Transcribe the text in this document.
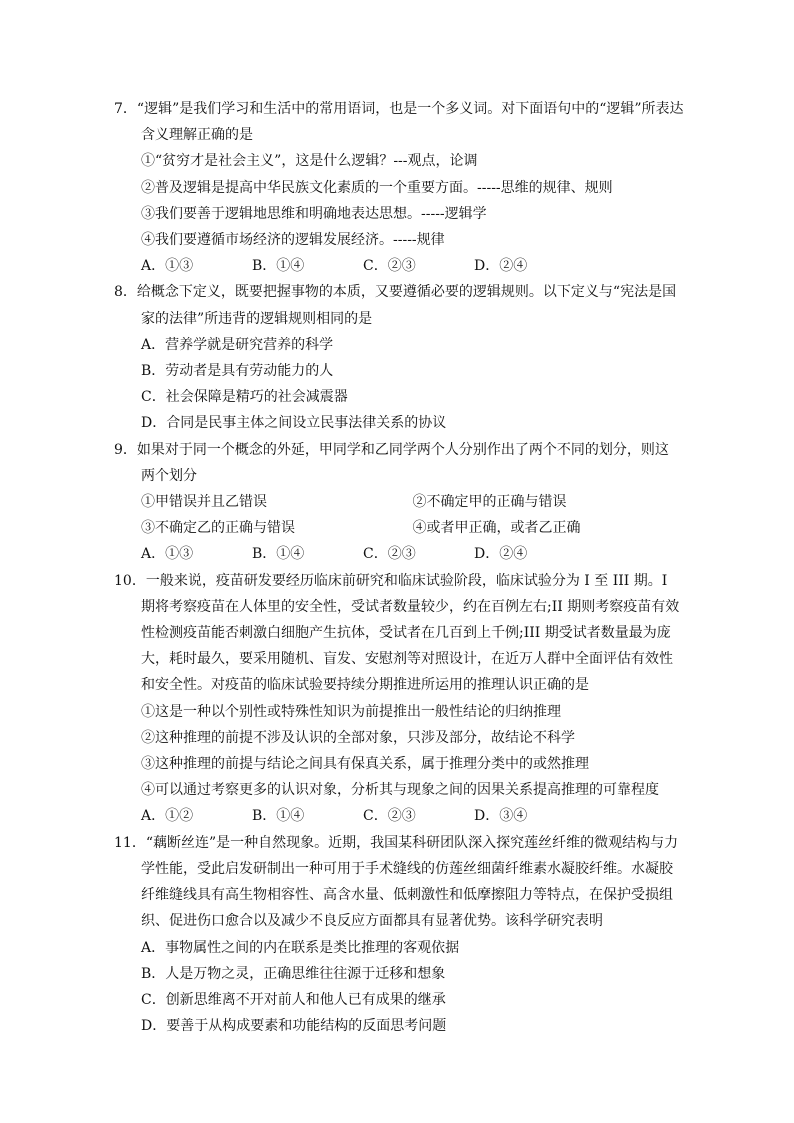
7．“逻辑”是我们学习和生活中的常用语词，也是一个多义词。对下面语句中的“逻辑”所表达
含义理解正确的是
①“贫穷才是社会主义”，这是什么逻辑？---观点，论调
②普及逻辑是提高中华民族文化素质的一个重要方面。-----思维的规律、规则
③我们要善于逻辑地思维和明确地表达思想。-----逻辑学
④我们要遵循市场经济的逻辑发展经济。-----规律
A．①③	B．①④	C．②③	D．②④
8．给概念下定义，既要把握事物的本质，又要遵循必要的逻辑规则。以下定义与“宪法是国
家的法律”所违背的逻辑规则相同的是
A．营养学就是研究营养的科学
B．劳动者是具有劳动能力的人
C．社会保障是精巧的社会减震器
D．合同是民事主体之间设立民事法律关系的协议
9．如果对于同一个概念的外延，甲同学和乙同学两个人分别作出了两个不同的划分，则这
两个划分
①甲错误并且乙错误	②不确定甲的正确与错误
③不确定乙的正确与错误	④或者甲正确，或者乙正确
A．①③	B．①④	C．②③	D．②④
10．一般来说，疫苗研发要经历临床前研究和临床试验阶段，临床试验分为 I 至 III 期。I
期将考察疫苗在人体里的安全性，受试者数量较少，约在百例左右;II 期则考察疫苗有效
性检测疫苗能否刺激白细胞产生抗体，受试者在几百到上千例;III 期受试者数量最为庞
大，耗时最久，要采用随机、盲发、安慰剂等对照设计，在近万人群中全面评估有效性
和安全性。对疫苗的临床试验要持续分期推进所运用的推理认识正确的是
①这是一种以个别性或特殊性知识为前提推出一般性结论的归纳推理
②这种推理的前提不涉及认识的全部对象，只涉及部分，故结论不科学
③这种推理的前提与结论之间具有保真关系，属于推理分类中的或然推理
④可以通过考察更多的认识对象，分析其与现象之间的因果关系提高推理的可靠程度
A．①②	B．①④	C．②③	D．③④
11．“藕断丝连”是一种自然现象。近期，我国某科研团队深入探究莲丝纤维的微观结构与力
学性能，受此启发研制出一种可用于手术缝线的仿莲丝细菌纤维素水凝胶纤维。水凝胶
纤维缝线具有高生物相容性、高含水量、低刺激性和低摩擦阻力等特点，在保护受损组
织、促进伤口愈合以及减少不良反应方面都具有显著优势。该科学研究表明
A．事物属性之间的内在联系是类比推理的客观依据
B．人是万物之灵，正确思维往往源于迁移和想象
C．创新思维离不开对前人和他人已有成果的继承
D．要善于从构成要素和功能结构的反面思考问题
